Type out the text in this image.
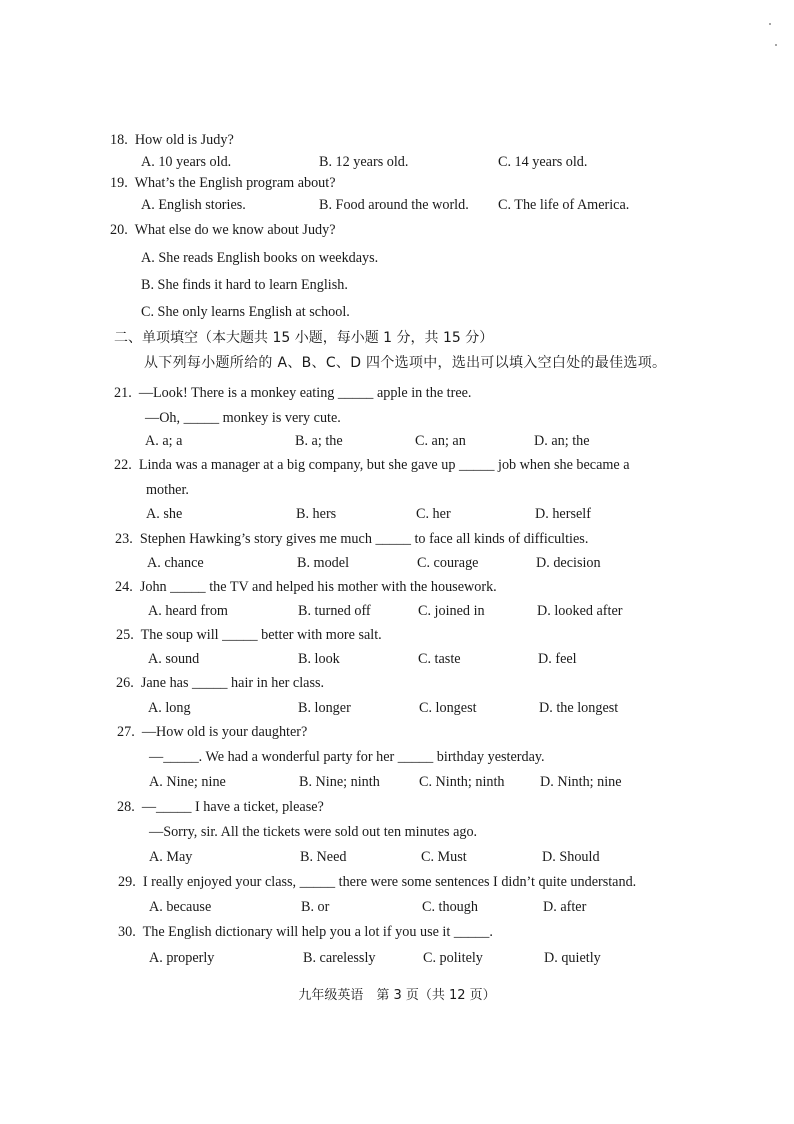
18. How old is Judy?
A. 10 years old.	B. 12 years old.	C. 14 years old.
19. What’s the English program about?
A. English stories.	B. Food around the world. C. The life of America.
20. What else do we know about Judy?
A. She reads English books on weekdays.
B. She finds it hard to learn English.
C. She only learns English at school.
二、单项填空（本大题共 15 小题，每小题 1 分，共 15 分）
从下列每小题所给的 A、B、C、D 四个选项中，选出可以填入空白处的最佳选项。
21. —Look! There is a monkey eating _____ apple in the tree.
—Oh, _____ monkey is very cute.
A. a; a	B. a; the	C. an; an	D. an; the
22. Linda was a manager at a big company, but she gave up _____ job when she became a
mother.
A. she	B. hers	C. her	D. herself
23. Stephen Hawking’s story gives me much _____ to face all kinds of difficulties.
A. chance	B. model	C. courage	D. decision
24. John _____ the TV and helped his mother with the housework.
A. heard from	B. turned off	C. joined in	D. looked after
25. The soup will _____ better with more salt.
A. sound	B. look	C. taste	D. feel
26. Jane has _____ hair in her class.
A. long	B. longer	C. longest	D. the longest
27. —How old is your daughter?
—_____. We had a wonderful party for her _____ birthday yesterday.
A. Nine; nine	B. Nine; ninth	C. Ninth; ninth D. Ninth; nine
28. —_____ I have a ticket, please?
—Sorry, sir. All the tickets were sold out ten minutes ago.
A. May	B. Need	C. Must	D. Should
29. I really enjoyed your class, _____ there were some sentences I didn’t quite understand.
A. because	B. or	C. though	D. after
30. The English dictionary will help you a lot if you use it _____.
A. properly	B. carelessly	C. politely	D. quietly
九年级英语　第 3 页（共 12 页）
